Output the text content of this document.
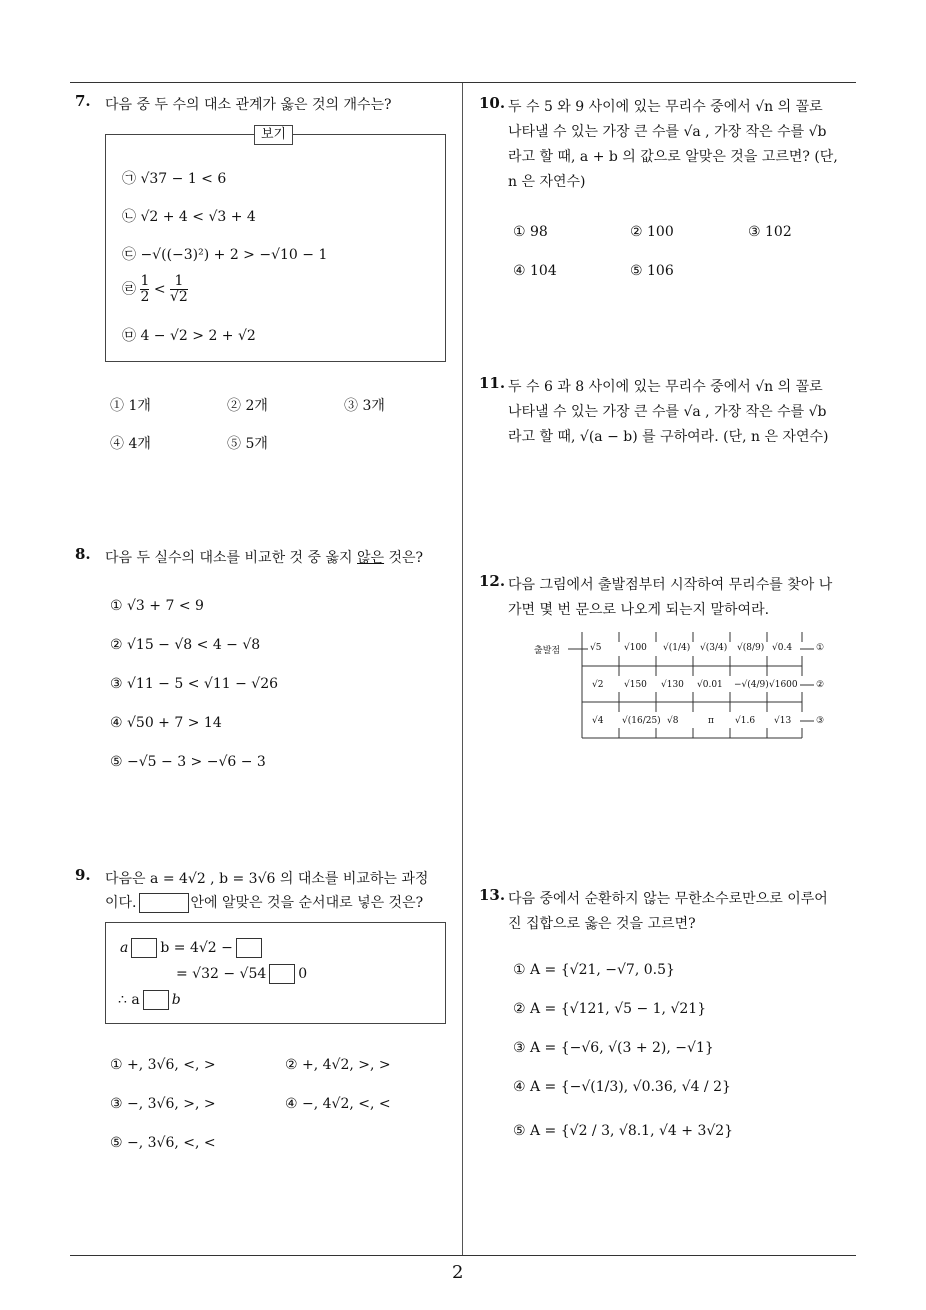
2
7. 다음 중 두 수의 대소 관계가 옳은 것의 개수는?
보기
㉠ √37 − 1 < 6
㉡ √2 + 4 < √3 + 4
㉢ −√((−3)²) + 2 > −√10 − 1
㉣ $\frac{1}{2} < \frac{1}{√2}$
㉤ 4 − √2 > 2 + √2
① 1개	② 2개	③ 3개
④ 4개	⑤ 5개
8. 다음 두 실수의 대소를 비교한 것 중 옳지 않은 것은?
① √3 + 7 < 9
② √15 − √8 < 4 − √8
③ √11 − 5 < √11 − √26
④ √50 + 7 > 14
⑤ −√5 − 3 > −√6 − 3
9. 다음은 a = 4√2 , b = 3√6 의 대소를 비교하는 과정
이다.	안에 알맞은 것을 순서대로 넣은 것은?
a b = 4√2 −
= √32 − √54 0
∴ a b
① +, 3√6, <, >	② +, 4√2, >, >
③ −, 3√6, >, >	④ −, 4√2, <, <
⑤ −, 3√6, <, <
10. 두 수 5 와 9 사이에 있는 무리수 중에서 √n 의 꼴로
나타낼 수 있는 가장 큰 수를 √a , 가장 작은 수를 √b
라고 할 때, a + b 의 값으로 알맞은 것을 고르면? (단,
n 은 자연수)
① 98	② 100	③ 102
④ 104	⑤ 106
11. 두 수 6 과 8 사이에 있는 무리수 중에서 √n 의 꼴로
나타낼 수 있는 가장 큰 수를 √a , 가장 작은 수를 √b
라고 할 때, √(a − b) 를 구하여라. (단, n 은 자연수)
12. 다음 그림에서 출발점부터 시작하여 무리수를 찾아 나
가면 몇 번 문으로 나오게 되는지 말하여라.
출발점	√5	√100 √(1/4) √(3/4) √(8/9) √0.4	①
√2 √150 √130 √0.01 −√(4/9) √1600 ②
√4 √(16/25) √8	π √1.6 √13	③
13. 다음 중에서 순환하지 않는 무한소수로만으로 이루어
진 집합으로 옳은 것을 고르면?
① A = {√21, −√7, 0.5̇}
② A = {√121, √5 − 1, √21}
③ A = {−√6, √(3 + 2), −√1}
④ A = {−√(1/3), √0.36, √4 / 2}
⑤ A = {√2 / 3, √8.1, √4 + 3√2}
